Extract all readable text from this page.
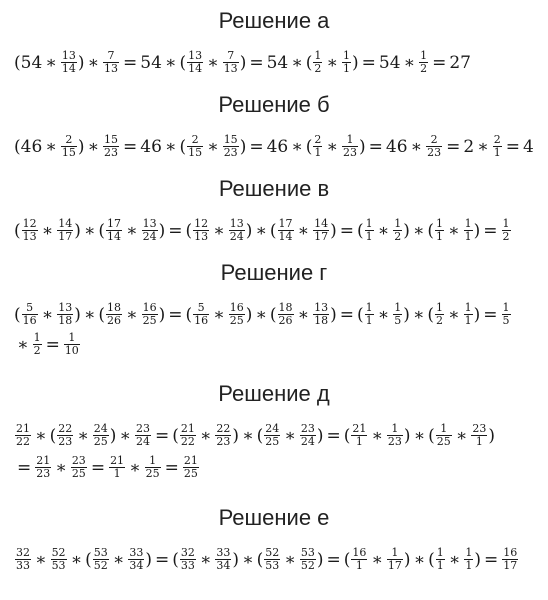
Решение а
(54 ∗ $\frac{13}{14}$ ) ∗ $\frac{7}{13} = 54$ ∗ ( $\frac{13}{14}$ ∗ $\frac{7}{13}$ ) = 54 ∗ ( $\frac{1}{2}$ ∗ $\frac{1}{1}$ ) = 54 ∗ $\frac{1}{2} = 27$
Решение б
(46 ∗ $\frac{2}{15}$ ) ∗ $\frac{15}{23} = 46$ ∗ ( $\frac{2}{15}$ ∗ $\frac{15}{23}$ ) = 46 ∗ ( $\frac{2}{1}$ ∗ $\frac{1}{23}$ ) = 46 ∗ $\frac{2}{23} = 2$ ∗ $\frac{2}{1} = 4$
Решение в
( $\frac{12}{13}$ ∗ $\frac{14}{17}$ ) ∗ ( $\frac{17}{14}$ ∗ $\frac{13}{24}$ ) = ( $\frac{12}{13}$ ∗ $\frac{13}{24}$ ) ∗ ( $\frac{17}{14}$ ∗ $\frac{14}{17}$ ) = ( $\frac{1}{1}$ ∗ $\frac{1}{2}$ ) ∗ ( $\frac{1}{1}$ ∗ $\frac{1}{1}$ ) = $\frac{1}{2}$
Решение г
( $\frac{5}{16}$ ∗ $\frac{13}{18}$ ) ∗ ( $\frac{18}{26}$ ∗ $\frac{16}{25}$ ) = ( $\frac{5}{16}$ ∗ $\frac{16}{25}$ ) ∗ ( $\frac{18}{26}$ ∗ $\frac{13}{18}$ ) = ( $\frac{1}{1}$ ∗ $\frac{1}{5}$ ) ∗ ( $\frac{1}{2}$ ∗ $\frac{1}{1}$ ) = $\frac{1}{5}$
∗ $\frac{1}{2} = \frac{1}{10}$
Решение д
$\frac{21}{22}$ ∗ ( $\frac{22}{23}$ ∗ $\frac{24}{25}$ ) ∗ $\frac{23}{24}$ = ( $\frac{21}{22}$ ∗ $\frac{22}{23}$ ) ∗ ( $\frac{24}{25}$ ∗ $\frac{23}{24}$ ) = ( $\frac{21}{1}$ ∗ $\frac{1}{23}$ ) ∗ ( $\frac{1}{25}$ ∗ $\frac{23}{1}$ )
= $\frac{21}{23}$ ∗ $\frac{23}{25} = \frac{21}{1}$ ∗ $\frac{1}{25} = \frac{21}{25}$
Решение е
$\frac{32}{33}$ ∗ $\frac{52}{53}$ ∗ ( $\frac{53}{52}$ ∗ $\frac{33}{34}$ ) = ( $\frac{32}{33}$ ∗ $\frac{33}{34}$ ) ∗ ( $\frac{52}{53}$ ∗ $\frac{53}{52}$ ) = ( $\frac{16}{1}$ ∗ $\frac{1}{17}$ ) ∗ ( $\frac{1}{1}$ ∗ $\frac{1}{1}$ ) = $\frac{16}{17}$
